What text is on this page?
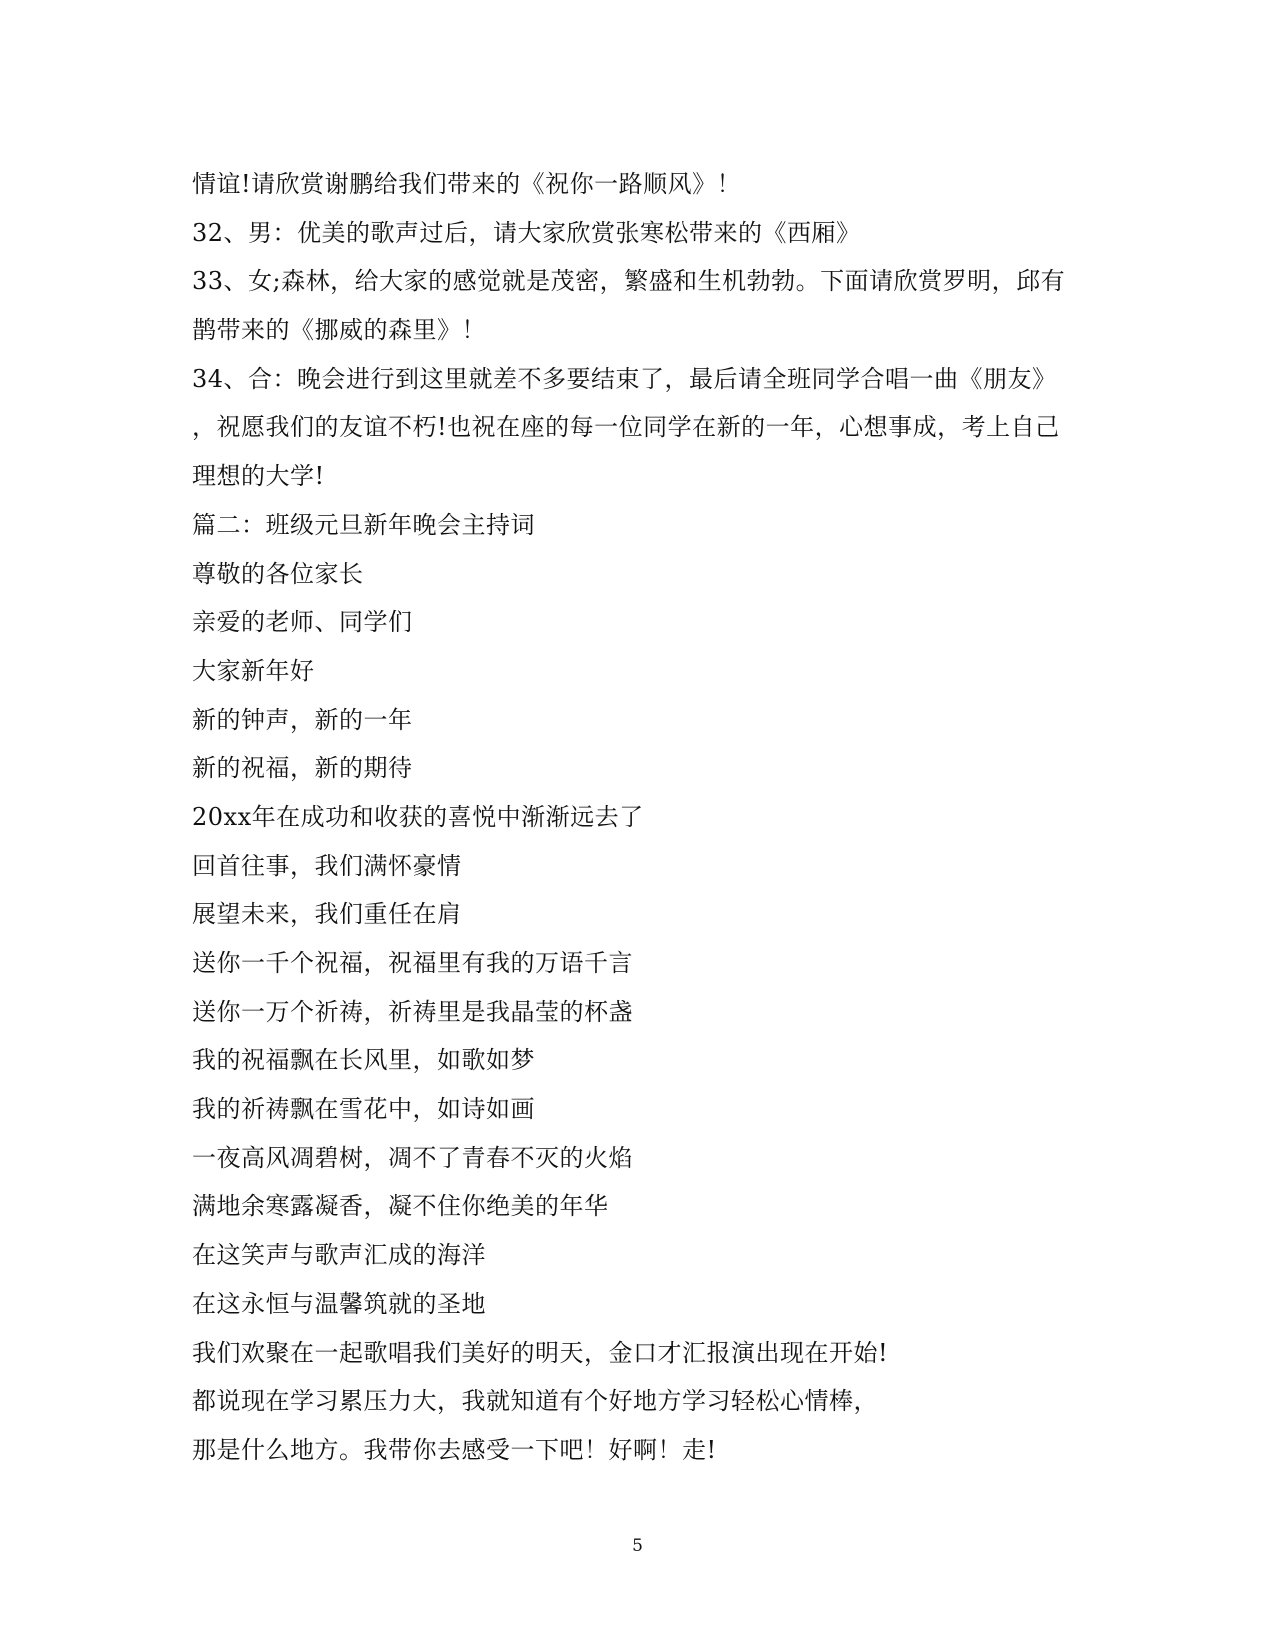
情谊!请欣赏谢鹏给我们带来的《祝你一路顺风》！
32、男：优美的歌声过后，请大家欣赏张寒松带来的《西厢》
33、女;森林，给大家的感觉就是茂密，繁盛和生机勃勃。下面请欣赏罗明，邱有
鹊带来的《挪威的森里》！
34、合：晚会进行到这里就差不多要结束了，最后请全班同学合唱一曲《朋友》
，祝愿我们的友谊不朽!也祝在座的每一位同学在新的一年，心想事成，考上自己
理想的大学!
篇二：班级元旦新年晚会主持词
尊敬的各位家长
亲爱的老师、同学们
大家新年好
新的钟声，新的一年
新的祝福，新的期待
20xx年在成功和收获的喜悦中渐渐远去了
回首往事，我们满怀豪情
展望未来，我们重任在肩
送你一千个祝福，祝福里有我的万语千言
送你一万个祈祷，祈祷里是我晶莹的杯盏
我的祝福飘在长风里，如歌如梦
我的祈祷飘在雪花中，如诗如画
一夜高风凋碧树，凋不了青春不灭的火焰
满地余寒露凝香，凝不住你绝美的年华
在这笑声与歌声汇成的海洋
在这永恒与温馨筑就的圣地
我们欢聚在一起歌唱我们美好的明天，金口才汇报演出现在开始!
都说现在学习累压力大，我就知道有个好地方学习轻松心情棒，
那是什么地方。我带你去感受一下吧！好啊！走!
5
